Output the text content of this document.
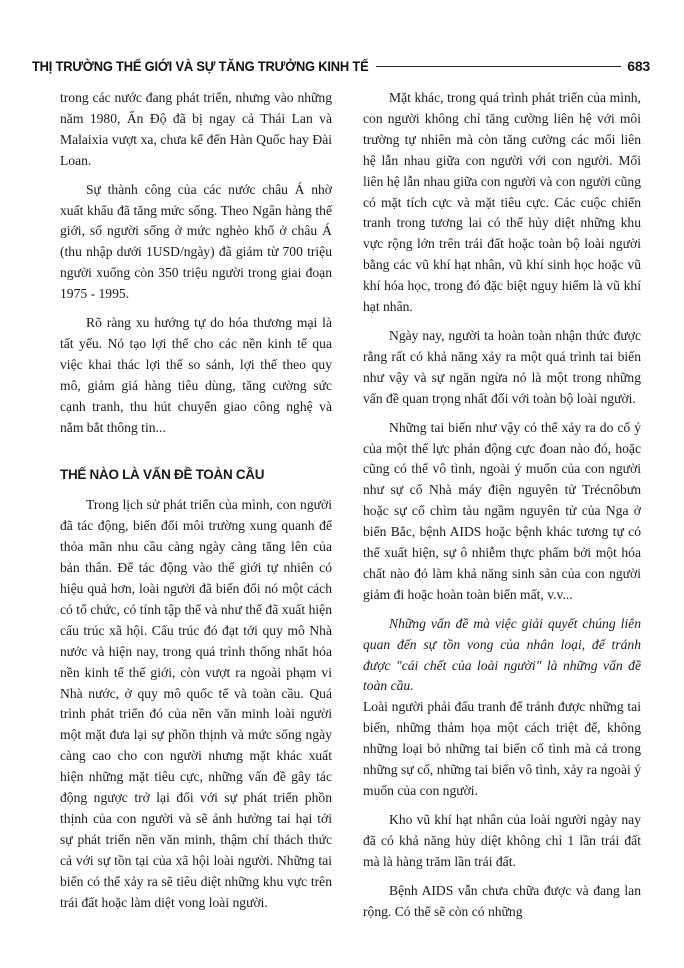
THỊ TRƯỜNG THẾ GIỚI VÀ SỰ TĂNG TRƯỞNG KINH TẾ	683

trong các nước đang phát triển, nhưng vào những năm 1980, Ấn Độ đã bị ngay cả Thái Lan và Malaixia vượt xa, chưa kể đến Hàn Quốc hay Đài Loan.

Sự thành công của các nước châu Á nhờ xuất khẩu đã tăng mức sống. Theo Ngân hàng thế giới, số người sống ở mức nghèo khổ ở châu Á (thu nhập dưới 1USD/ngày) đã giảm từ 700 triệu người xuống còn 350 triệu người trong giai đoạn 1975 - 1995.

Rõ ràng xu hướng tự do hóa thương mại là tất yếu. Nó tạo lợi thế cho các nền kinh tế qua việc khai thác lợi thế so sánh, lợi thế theo quy mô, giảm giá hàng tiêu dùng, tăng cường sức cạnh tranh, thu hút chuyển giao công nghệ và nắm bắt thông tin...

THẾ NÀO LÀ VẤN ĐỀ TOÀN CẦU

Trong lịch sử phát triển của mình, con người đã tác động, biến đổi môi trường xung quanh để thỏa mãn nhu cầu càng ngày càng tăng lên của bản thân. Để tác động vào thế giới tự nhiên có hiệu quả hơn, loài người đã biến đổi nó một cách có tổ chức, có tính tập thể và như thế đã xuất hiện cấu trúc xã hội. Cấu trúc đó đạt tới quy mô Nhà nước và hiện nay, trong quá trình thống nhất hóa nền kinh tế thế giới, còn vượt ra ngoài phạm vi Nhà nước, ở quy mô quốc tế và toàn cầu. Quá trình phát triển đó của nền văn minh loài người một mặt đưa lại sự phồn thịnh và mức sống ngày càng cao cho con người nhưng mặt khác xuất hiện những mặt tiêu cực, những vấn đề gây tác động ngược trở lại đối với sự phát triển phồn thịnh của con người và sẽ ảnh hưởng tai hại tới sự phát triển nền văn minh, thậm chí thách thức cả với sự tồn tại của xã hội loài người. Những tai biến có thể xảy ra sẽ tiêu diệt những khu vực trên trái đất hoặc làm diệt vong loài người.

Mặt khác, trong quá trình phát triển của mình, con người không chỉ tăng cường liên hệ với môi trường tự nhiên mà còn tăng cường các mối liên hệ lẫn nhau giữa con người với con người. Mối liên hệ lẫn nhau giữa con người và con người cũng có mặt tích cực và mặt tiêu cực. Các cuộc chiến tranh trong tương lai có thể hủy diệt những khu vực rộng lớn trên trái đất hoặc toàn bộ loài người bằng các vũ khí hạt nhân, vũ khí sinh học hoặc vũ khí hóa học, trong đó đặc biệt nguy hiểm là vũ khí hạt nhân.

Ngày nay, người ta hoàn toàn nhận thức được rằng rất có khả năng xảy ra một quá trình tai biến như vậy và sự ngăn ngừa nó là một trong những vấn đề quan trọng nhất đối với toàn bộ loài người.

Những tai biến như vậy có thể xảy ra do cố ý của một thế lực phản động cực đoan nào đó, hoặc cũng có thể vô tình, ngoài ý muốn của con người như sự cố Nhà máy điện nguyên tử Trécnôbưn hoặc sự cố chìm tàu ngầm nguyên tử của Nga ở biển Bắc, bệnh AIDS hoặc bệnh khác tương tự có thể xuất hiện, sự ô nhiễm thực phẩm bởi một hóa chất nào đó làm khả năng sinh sản của con người giảm đi hoặc hoàn toàn biến mất, v.v...

Những vấn đề mà việc giải quyết chúng liên quan đến sự tồn vong của nhân loại, để tránh được "cái chết của loài người" là những vấn đề toàn cầu.

Loài người phải đấu tranh để tránh được những tai biến, những thảm họa một cách triệt để, không những loại bỏ những tai biến cố tình mà cả trong những sự cố, những tai biến vô tình, xảy ra ngoài ý muốn của con người.

Kho vũ khí hạt nhân của loài người ngày nay đã có khả năng hủy diệt không chỉ 1 lần trái đất mà là hàng trăm lần trái đất.

Bệnh AIDS vẫn chưa chữa được và đang lan rộng. Có thể sẽ còn có những
